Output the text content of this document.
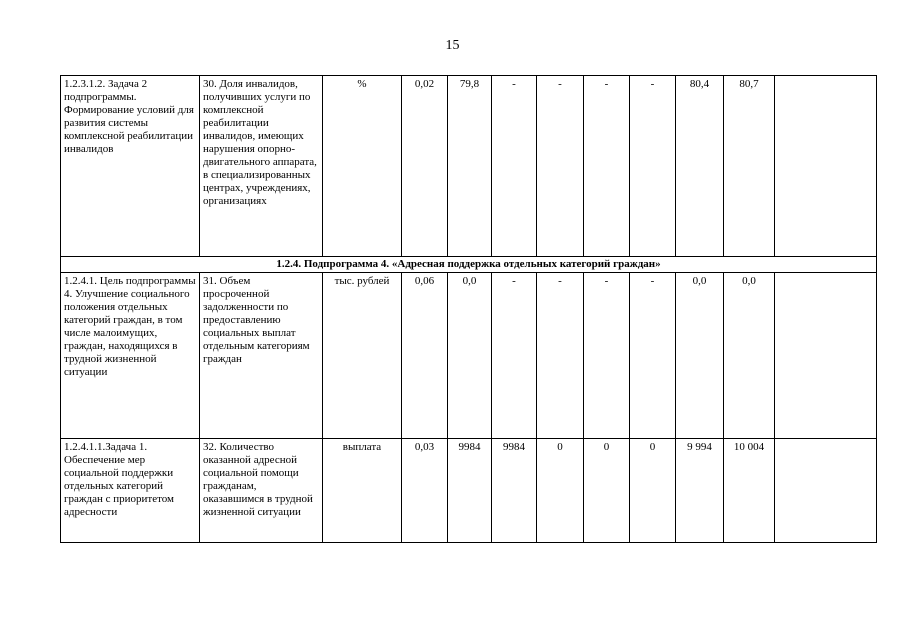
15
1.2.3.1.2. Задача 2 подпрограммы. Формирование условий для развития системы комплексной реабилитации инвалидов	30. Доля инвалидов, получивших услуги по комплексной реабилитации инвалидов, имеющих нарушения опорно-двигательного аппарата, в специализированных центрах, учреждениях, организациях	%	0,02	79,8	-	-	-	-	80,4	80,7	
1.2.4. Подпрограмма 4. «Адресная поддержка отдельных категорий граждан»											
1.2.4.1. Цель подпрограммы 4. Улучшение социального положения отдельных категорий граждан, в том числе малоимущих, граждан, находящихся в трудной жизненной ситуации	31. Объем просроченной задолженности по предоставлению социальных выплат отдельным категориям граждан	тыс. рублей	0,06	0,0	-	-	-	-	0,0	0,0	
1.2.4.1.1.Задача 1. Обеспечение мер социальной поддержки отдельных категорий граждан с приоритетом адресности	32. Количество оказанной адресной социальной помощи гражданам, оказавшимся в трудной жизненной ситуации	выплата	0,03	9984	9984	0	0	0	9 994	10 004	
